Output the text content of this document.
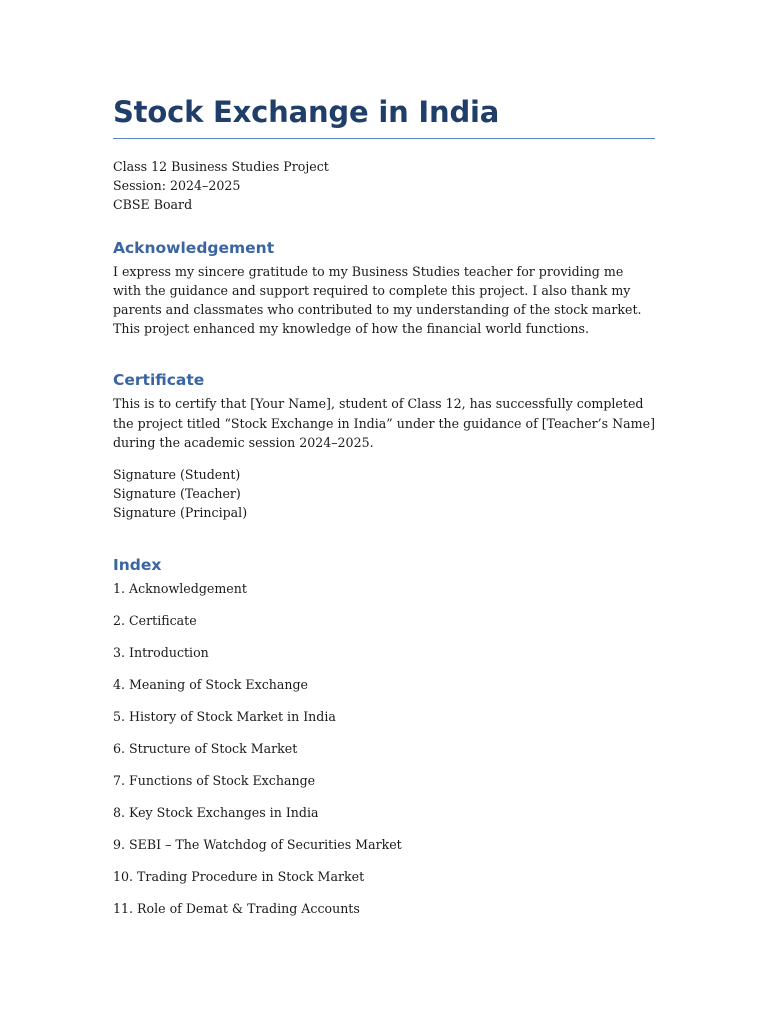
Stock Exchange in India
Class 12 Business Studies Project
Session: 2024–2025
CBSE Board
Acknowledgement

I express my sincere gratitude to my Business Studies teacher for providing me with the guidance and support required to complete this project. I also thank my parents and classmates who contributed to my understanding of the stock market. This project enhanced my knowledge of how the financial world functions.

Certificate

This is to certify that [Your Name], student of Class 12, has successfully completed the project titled “Stock Exchange in India” under the guidance of [Teacher’s Name] during the academic session 2024–2025.

Signature (Student)
Signature (Teacher)
Signature (Principal)
Index
1. Acknowledgement
2. Certificate
3. Introduction
4. Meaning of Stock Exchange
5. History of Stock Market in India
6. Structure of Stock Market
7. Functions of Stock Exchange
8. Key Stock Exchanges in India
9. SEBI – The Watchdog of Securities Market
10. Trading Procedure in Stock Market
11. Role of Demat & Trading Accounts
